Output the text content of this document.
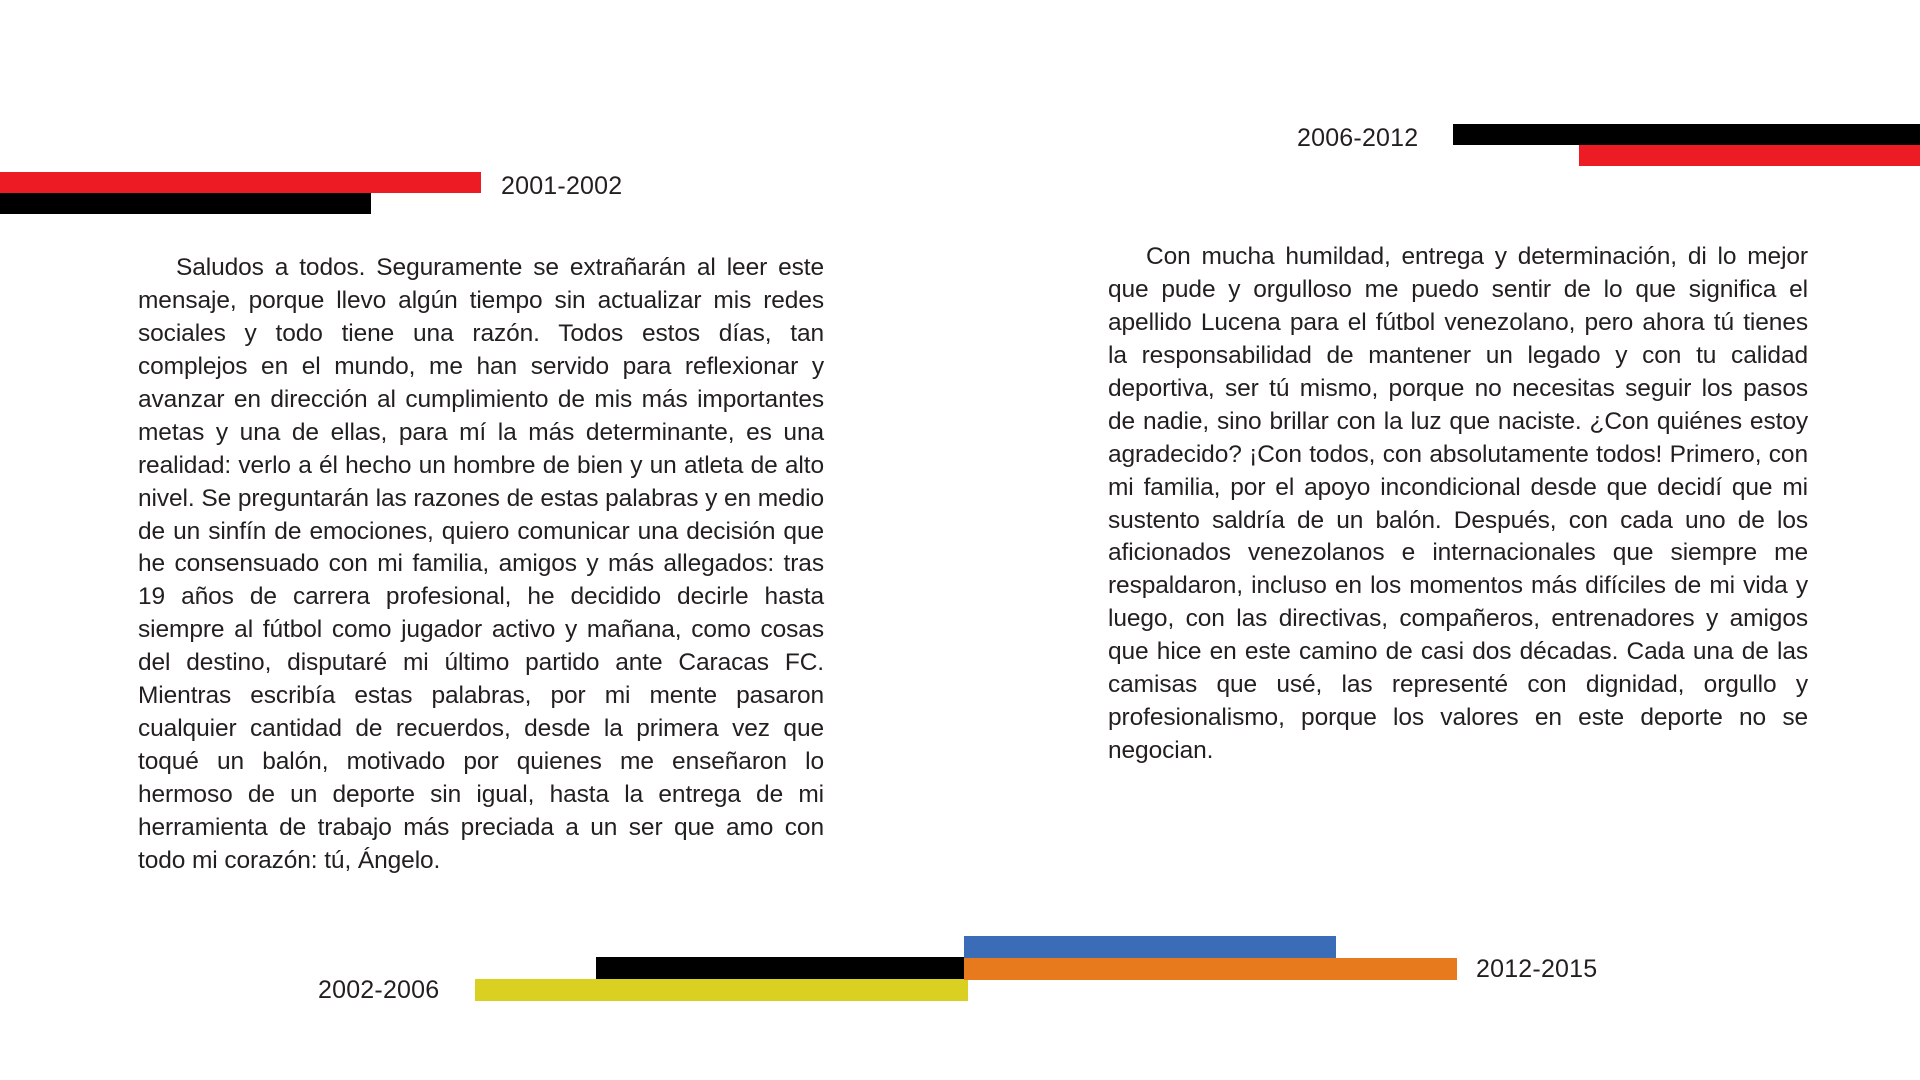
2001-2002
2006-2012

Saludos a todos. Seguramente se extrañarán al leer este mensaje, porque llevo algún tiempo sin actualizar mis redes sociales y todo tiene una razón. Todos estos días, tan complejos en el mundo, me han servido para reflexionar y avanzar en dirección al cumplimiento de mis más importantes metas y una de ellas, para mí la más determinante, es una realidad: verlo a él hecho un hombre de bien y un atleta de alto nivel. Se preguntarán las razones de estas palabras y en medio de un sinfín de emociones, quiero comunicar una decisión que he consensuado con mi familia, amigos y más allegados: tras 19 años de carrera profesional, he decidido decirle hasta siempre al fútbol como jugador activo y mañana, como cosas del destino, disputaré mi último partido ante Caracas FC. Mientras escribía estas palabras, por mi mente pasaron cualquier cantidad de recuerdos, desde la primera vez que toqué un balón, motivado por quienes me enseñaron lo hermoso de un deporte sin igual, hasta la entrega de mi herramienta de trabajo más preciada a un ser que amo con todo mi corazón: tú, Ángelo.

Con mucha humildad, entrega y determinación, di lo mejor que pude y orgulloso me puedo sentir de lo que significa el apellido Lucena para el fútbol venezolano, pero ahora tú tienes la responsabilidad de mantener un legado y con tu calidad deportiva, ser tú mismo, porque no necesitas seguir los pasos de nadie, sino brillar con la luz que naciste. ¿Con quiénes estoy agradecido? ¡Con todos, con absolutamente todos! Primero, con mi familia, por el apoyo incondicional desde que decidí que mi sustento saldría de un balón. Después, con cada uno de los aficionados venezolanos e internacionales que siempre me respaldaron, incluso en los momentos más difíciles de mi vida y luego, con las directivas, compañeros, entrenadores y amigos que hice en este camino de casi dos décadas. Cada una de las camisas que usé, las representé con dignidad, orgullo y profesionalismo, porque los valores en este deporte no se negocian.

2002-2006
2012-2015
